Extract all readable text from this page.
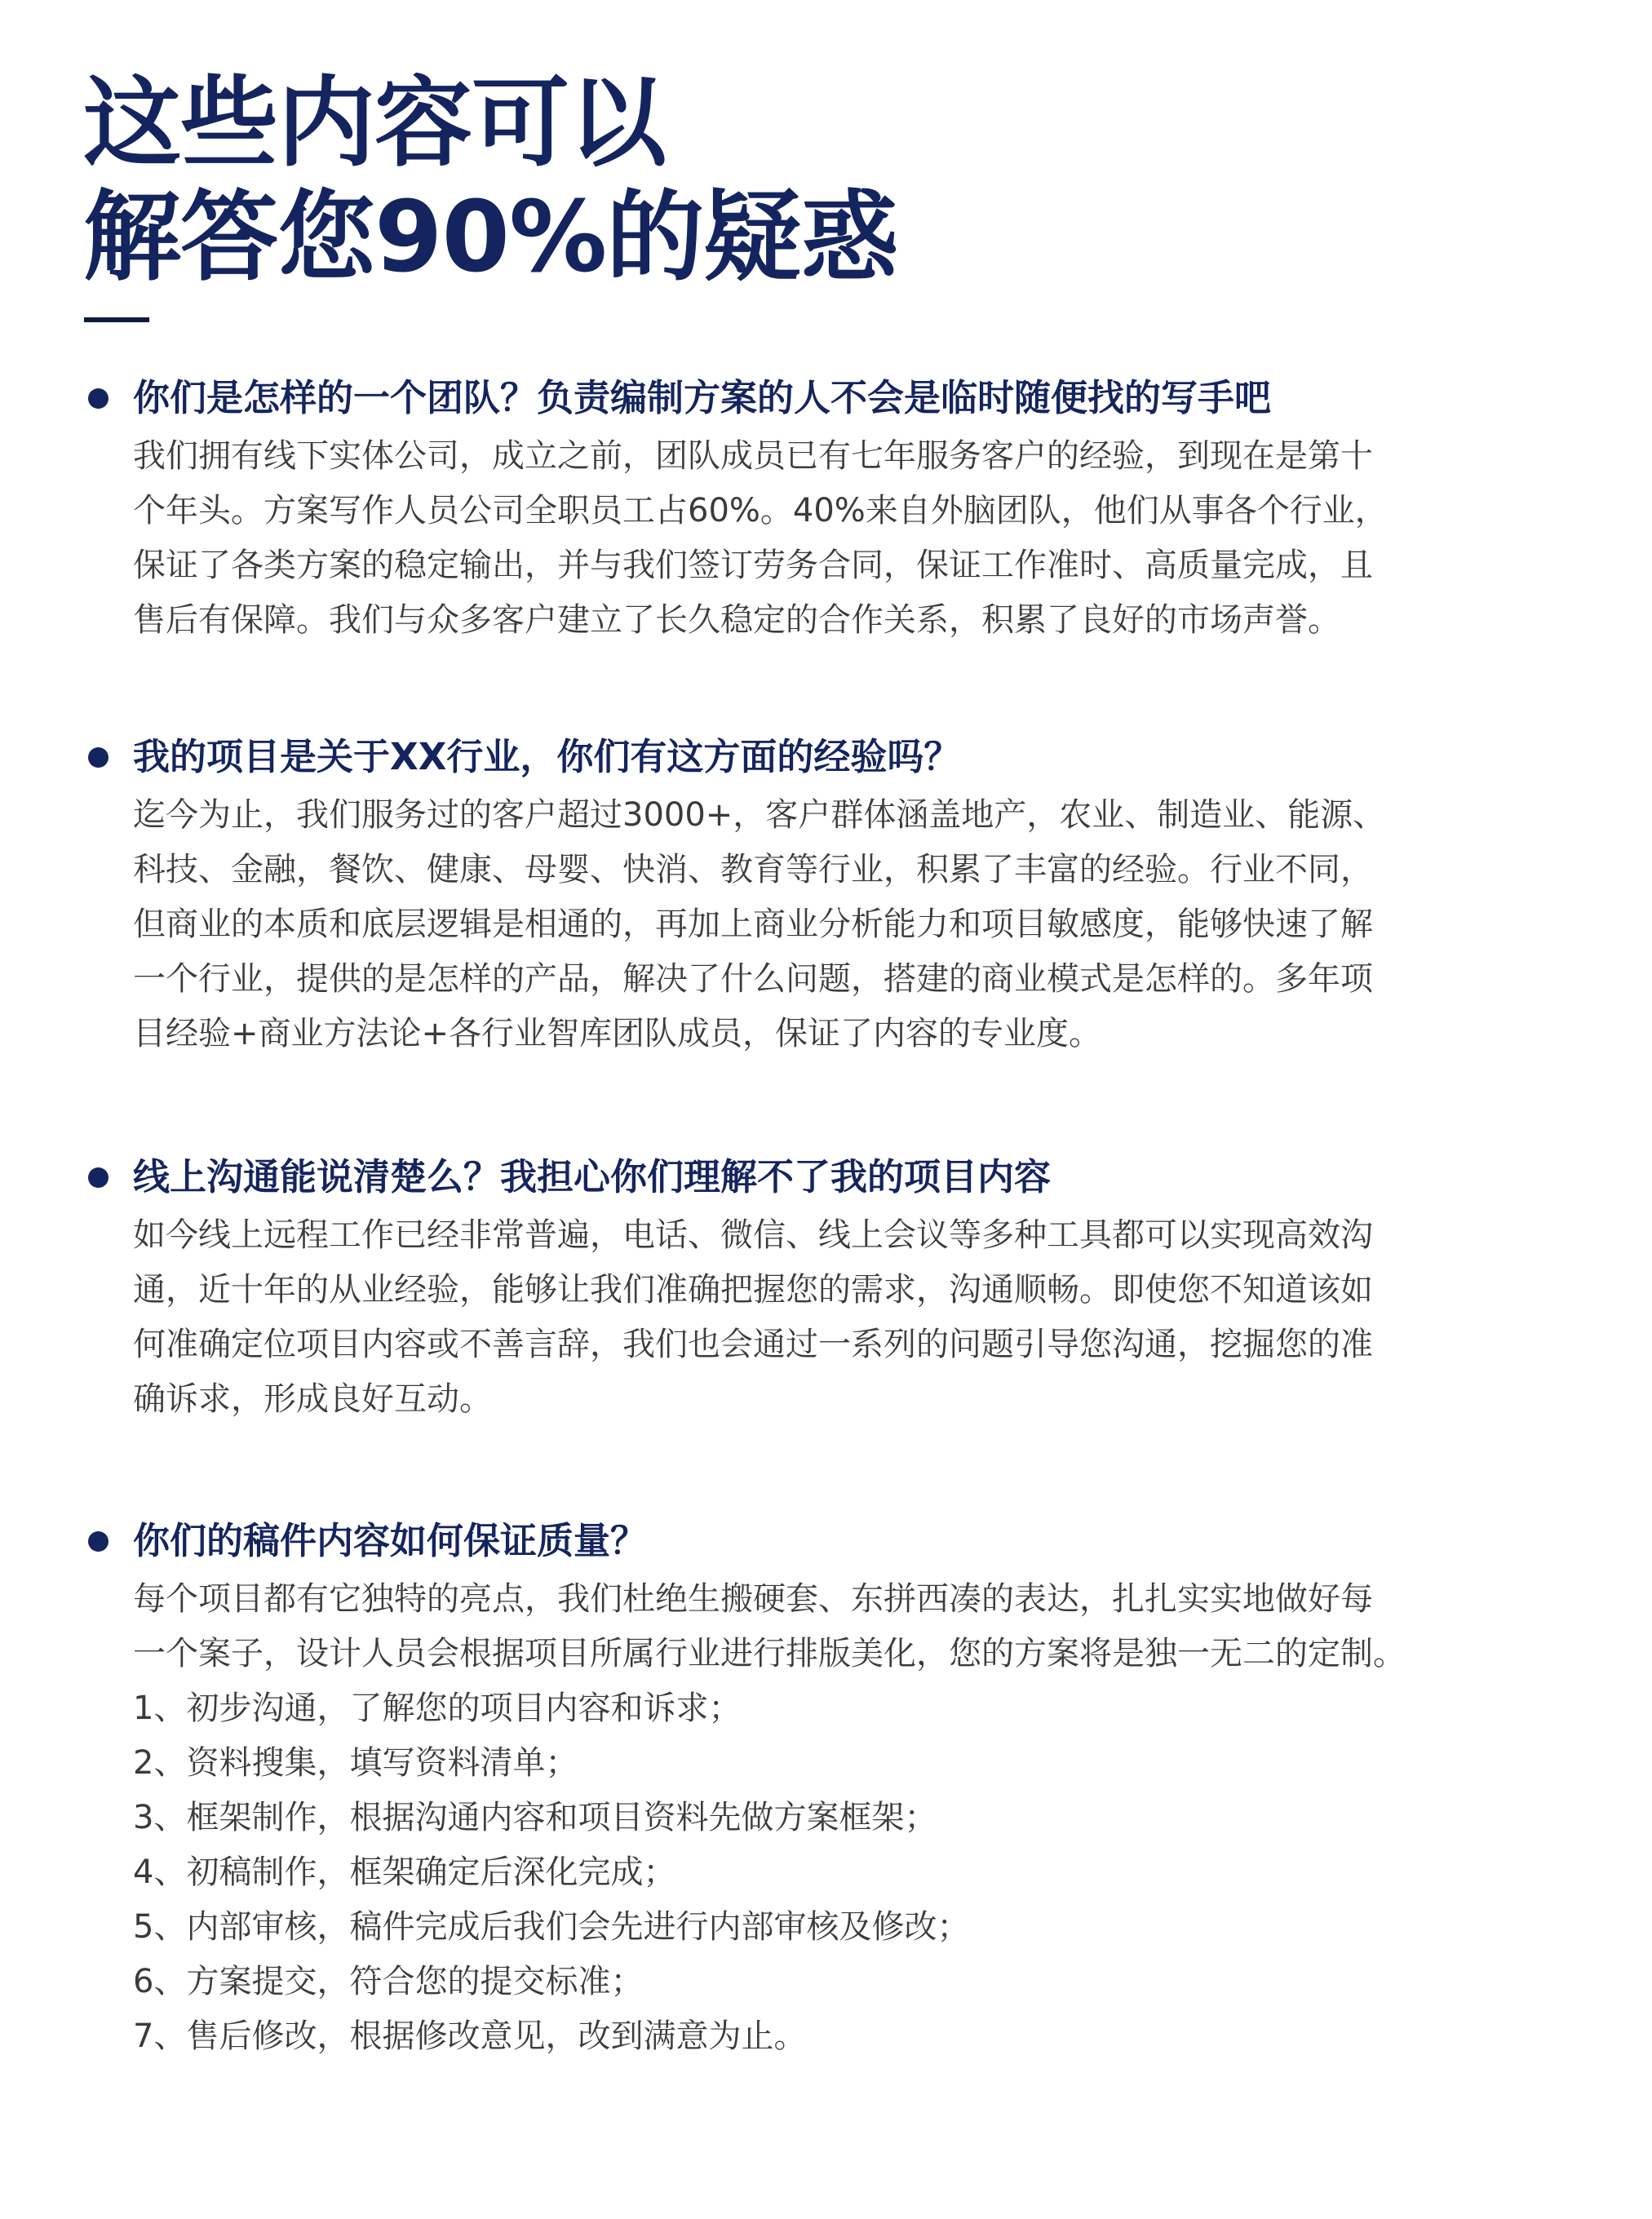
这些内容可以
解答您90%的疑惑
你们是怎样的一个团队？负责编制方案的人不会是临时随便找的写手吧
我们拥有线下实体公司，成立之前，团队成员已有七年服务客户的经验，到现在是第十
个年头。方案写作人员公司全职员工占60%。40%来自外脑团队，他们从事各个行业，
保证了各类方案的稳定输出，并与我们签订劳务合同，保证工作准时、高质量完成，且
售后有保障。我们与众多客户建立了长久稳定的合作关系，积累了良好的市场声誉。
我的项目是关于XX行业，你们有这方面的经验吗？
迄今为止，我们服务过的客户超过3000+，客户群体涵盖地产，农业、制造业、能源、
科技、金融，餐饮、健康、母婴、快消、教育等行业，积累了丰富的经验。行业不同，
但商业的本质和底层逻辑是相通的，再加上商业分析能力和项目敏感度，能够快速了解
一个行业，提供的是怎样的产品，解决了什么问题，搭建的商业模式是怎样的。多年项
目经验+商业方法论+各行业智库团队成员，保证了内容的专业度。
线上沟通能说清楚么？我担心你们理解不了我的项目内容
如今线上远程工作已经非常普遍，电话、微信、线上会议等多种工具都可以实现高效沟
通，近十年的从业经验，能够让我们准确把握您的需求，沟通顺畅。即使您不知道该如
何准确定位项目内容或不善言辞，我们也会通过一系列的问题引导您沟通，挖掘您的准
确诉求，形成良好互动。
你们的稿件内容如何保证质量？
每个项目都有它独特的亮点，我们杜绝生搬硬套、东拼西凑的表达，扎扎实实地做好每
一个案子，设计人员会根据项目所属行业进行排版美化，您的方案将是独一无二的定制。
1、初步沟通，了解您的项目内容和诉求；
2、资料搜集，填写资料清单；
3、框架制作，根据沟通内容和项目资料先做方案框架；
4、初稿制作，框架确定后深化完成；
5、内部审核，稿件完成后我们会先进行内部审核及修改；
6、方案提交，符合您的提交标准；
7、售后修改，根据修改意见，改到满意为止。
